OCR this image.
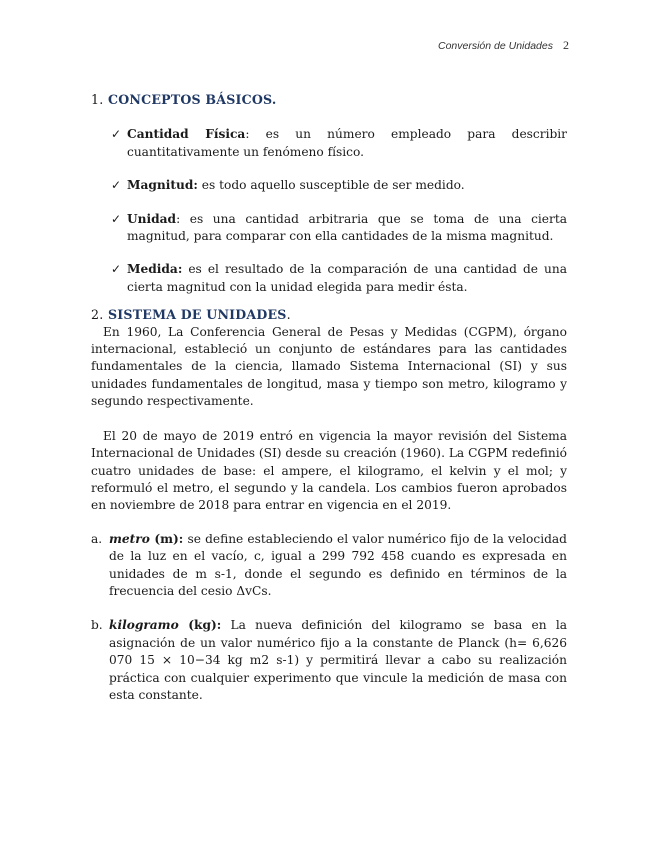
Conversión de Unidades 2
1. CONCEPTOS BÁSICOS.
✓ Cantidad Física: es un número empleado para describir cuantitativamente un fenómeno físico.
✓ Magnitud: es todo aquello susceptible de ser medido.
✓ Unidad: es una cantidad arbitraria que se toma de una cierta magnitud, para comparar con ella cantidades de la misma magnitud.
✓ Medida: es el resultado de la comparación de una cantidad de una cierta magnitud con la unidad elegida para medir ésta.
2. SISTEMA DE UNIDADES.

En 1960, La Conferencia General de Pesas y Medidas (CGPM), órgano internacional, estableció un conjunto de estándares para las cantidades fundamentales de la ciencia, llamado Sistema Internacional (SI) y sus unidades fundamentales de longitud, masa y tiempo son metro, kilogramo y segundo respectivamente.

El 20 de mayo de 2019 entró en vigencia la mayor revisión del Sistema Internacional de Unidades (SI) desde su creación (1960). La CGPM redefinió cuatro unidades de base: el ampere, el kilogramo, el kelvin y el mol; y reformuló el metro, el segundo y la candela. Los cambios fueron aprobados en noviembre de 2018 para entrar en vigencia en el 2019.

a. metro (m): se define estableciendo el valor numérico fijo de la velocidad de la luz en el vacío, c, igual a 299 792 458 cuando es expresada en unidades de m s-1, donde el segundo es definido en términos de la frecuencia del cesio ΔvCs.
b. kilogramo (kg): La nueva definición del kilogramo se basa en la asignación de un valor numérico fijo a la constante de Planck (h= 6,626 070 15 × 10−34 kg m2 s-1) y permitirá llevar a cabo su realización práctica con cualquier experimento que vincule la medición de masa con esta constante.
